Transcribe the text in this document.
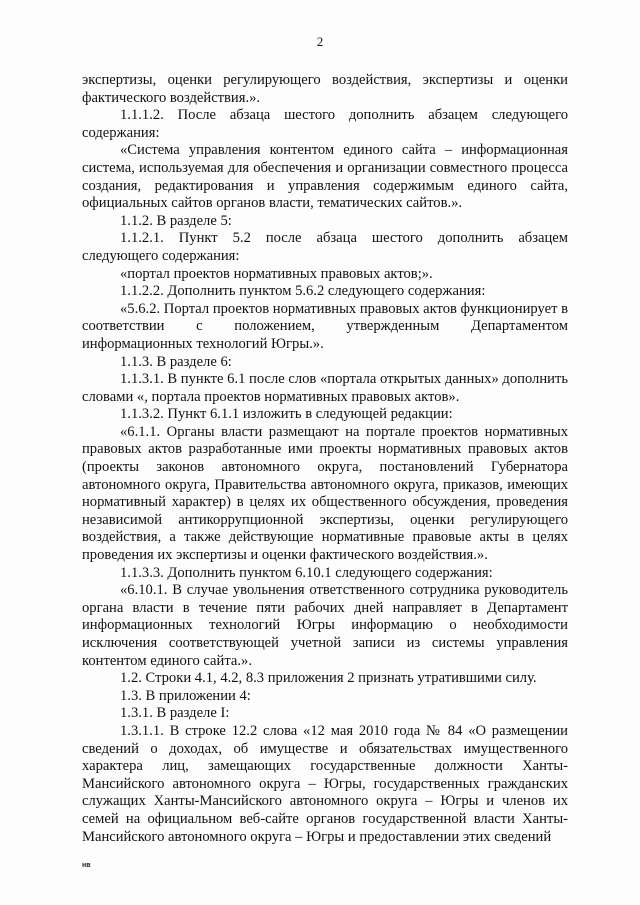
2

экспертизы, оценки регулирующего воздействия, экспертизы и оценки фактического воздействия.».

1.1.1.2. После абзаца шестого дополнить абзацем следующего содержания:

«Система управления контентом единого сайта – информационная система, используемая для обеспечения и организации совместного процесса создания, редактирования и управления содержимым единого сайта, официальных сайтов органов власти, тематических сайтов.».

1.1.2. В разделе 5:

1.1.2.1. Пункт 5.2 после абзаца шестого дополнить абзацем следующего содержания:

«портал проектов нормативных правовых актов;».

1.1.2.2. Дополнить пунктом 5.6.2 следующего содержания:

«5.6.2. Портал проектов нормативных правовых актов функционирует в соответствии с положением, утвержденным Департаментом информационных технологий Югры.».

1.1.3. В разделе 6:

1.1.3.1. В пункте 6.1 после слов «портала открытых данных» дополнить словами «, портала проектов нормативных правовых актов».

1.1.3.2. Пункт 6.1.1 изложить в следующей редакции:

«6.1.1. Органы власти размещают на портале проектов нормативных правовых актов разработанные ими проекты нормативных правовых актов (проекты законов автономного округа, постановлений Губернатора автономного округа, Правительства автономного округа, приказов, имеющих нормативный характер) в целях их общественного обсуждения, проведения независимой антикоррупционной экспертизы, оценки регулирующего воздействия, а также действующие нормативные правовые акты в целях проведения их экспертизы и оценки фактического воздействия.».

1.1.3.3. Дополнить пунктом 6.10.1 следующего содержания:

«6.10.1. В случае увольнения ответственного сотрудника руководитель органа власти в течение пяти рабочих дней направляет в Департамент информационных технологий Югры информацию о необходимости исключения соответствующей учетной записи из системы управления контентом единого сайта.».

1.2. Строки 4.1, 4.2, 8.3 приложения 2 признать утратившими силу.

1.3. В приложении 4:

1.3.1. В разделе I:

1.3.1.1. В строке 12.2 слова «12 мая 2010 года № 84 «О размещении сведений о доходах, об имуществе и обязательствах имущественного характера лиц, замещающих государственные должности Ханты-Мансийского автономного округа – Югры, государственных гражданских служащих Ханты-Мансийского автономного округа – Югры и членов их семей на официальном веб-сайте органов государственной власти Ханты-Мансийского автономного округа – Югры и предоставлении этих сведений

нв
